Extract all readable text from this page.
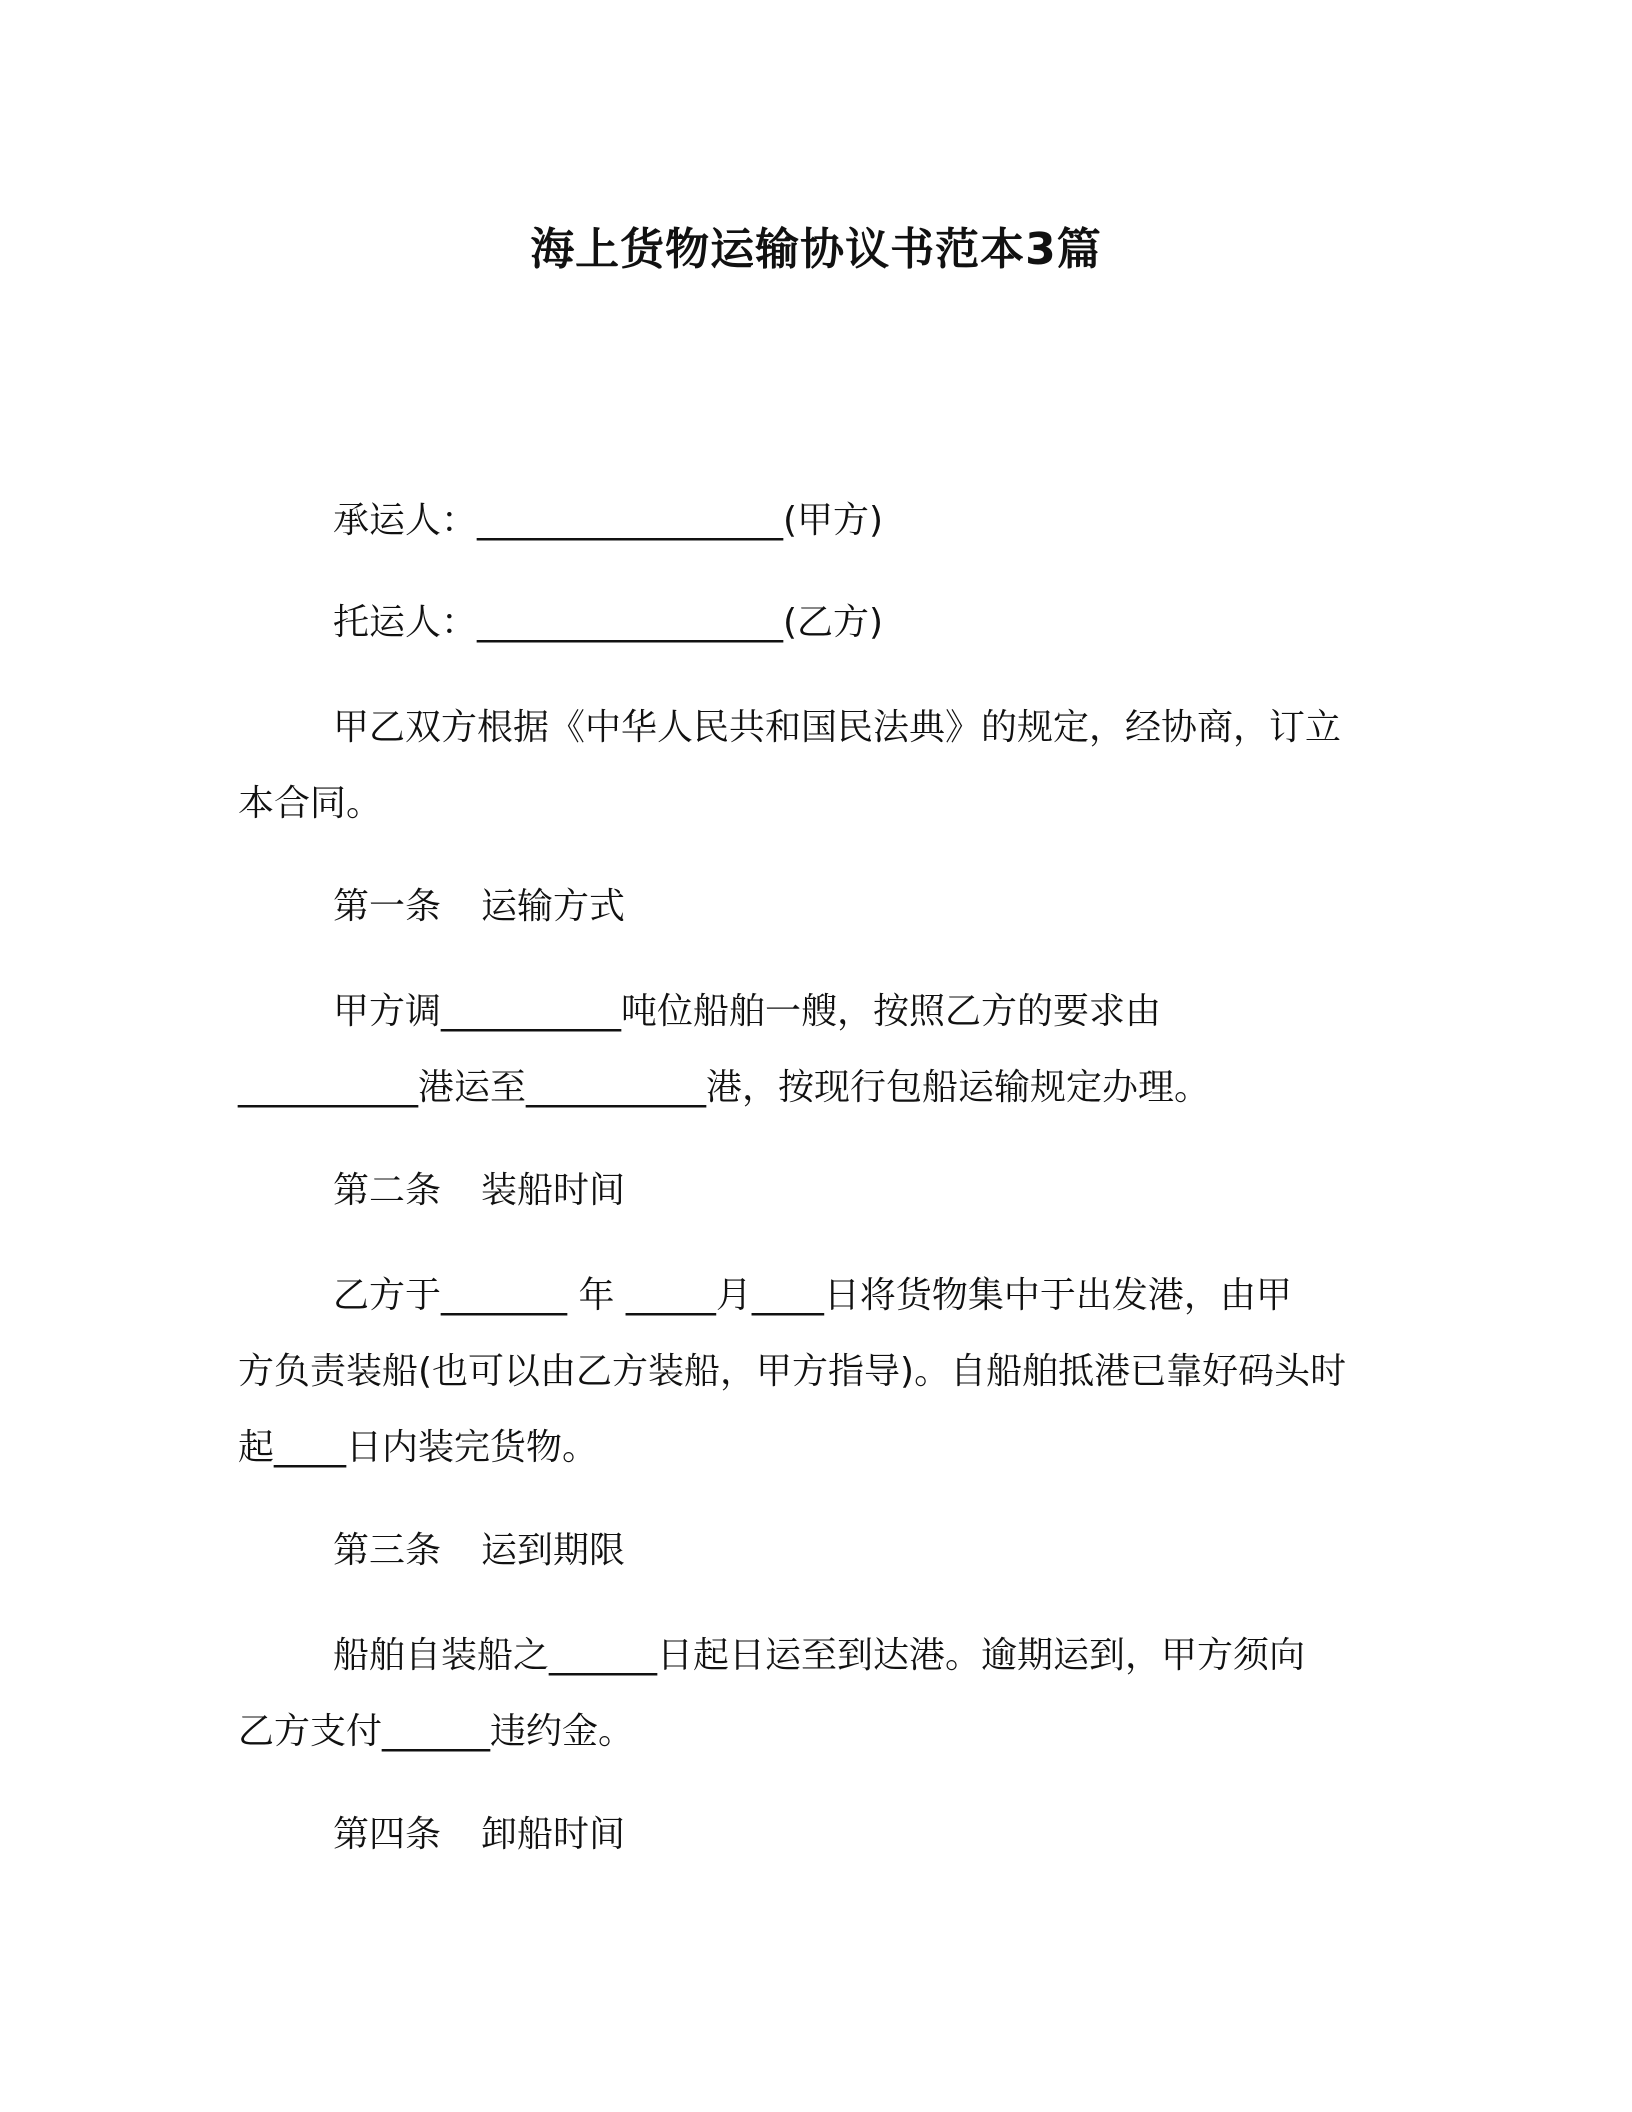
海上货物运输协议书范本3篇

承运人：_________________(甲方)

托运人：_________________(乙方)

甲乙双方根据《中华人民共和国民法典》的规定，经协商，订立

本合同。

第一条 运输方式

甲方调__________吨位船舶一艘，按照乙方的要求由

__________港运至__________港，按现行包船运输规定办理。

第二条 装船时间

乙方于_______ 年 _____月____日将货物集中于出发港，由甲

方负责装船(也可以由乙方装船，甲方指导)。自船舶抵港已靠好码头时

起____日内装完货物。

第三条 运到期限

船舶自装船之______日起日运至到达港。逾期运到，甲方须向

乙方支付______违约金。

第四条 卸船时间
